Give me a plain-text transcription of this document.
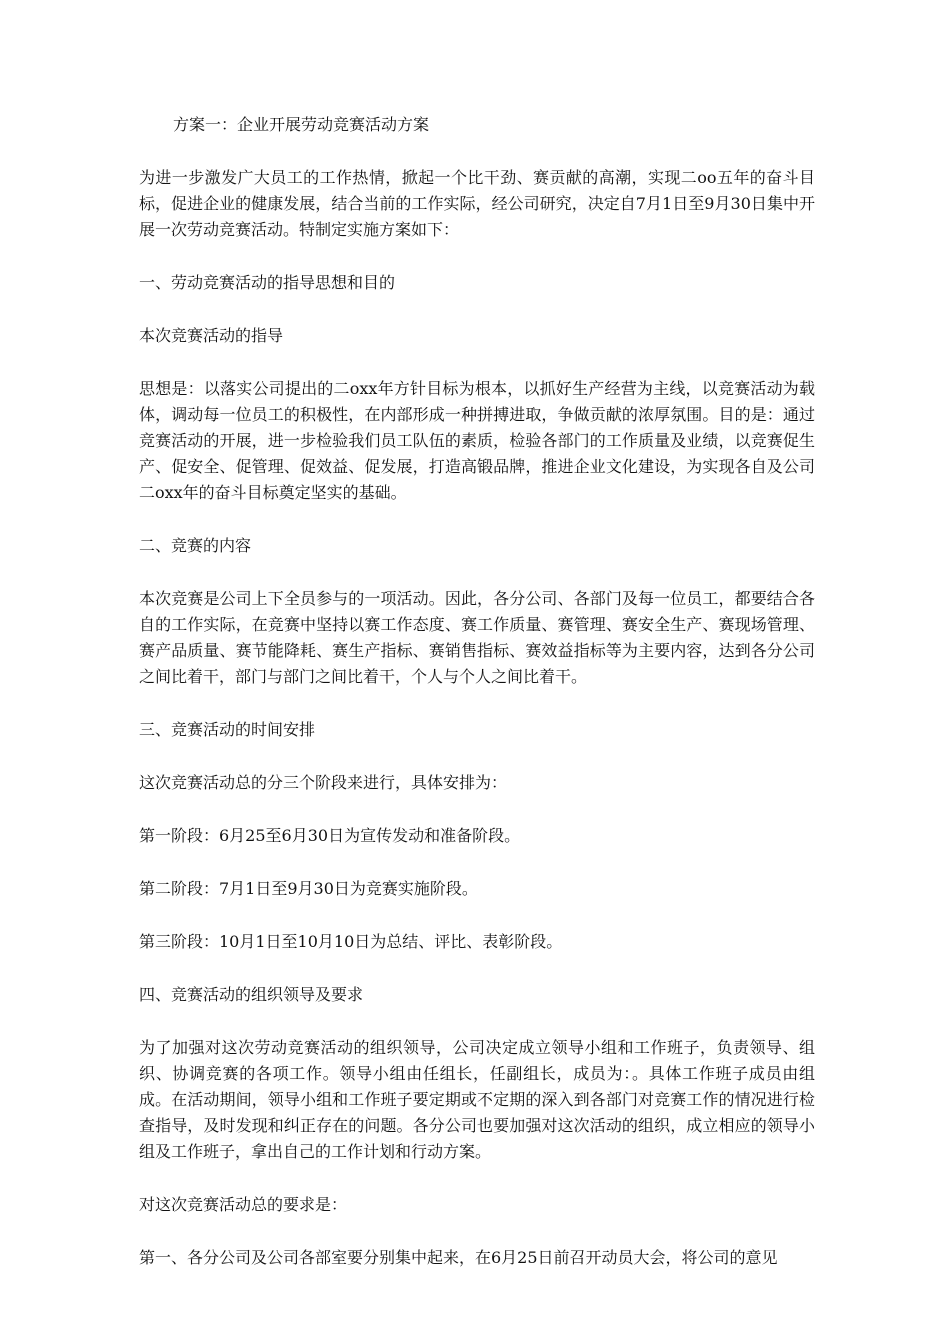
方案一：企业开展劳动竞赛活动方案

为进一步激发广大员工的工作热情，掀起一个比干劲、赛贡献的高潮，实现二oo五年的奋斗目标，促进企业的健康发展，结合当前的工作实际，经公司研究，决定自7月1日至9月30日集中开展一次劳动竞赛活动。特制定实施方案如下：

一、劳动竞赛活动的指导思想和目的

本次竞赛活动的指导

思想是：以落实公司提出的二oxx年方针目标为根本，以抓好生产经营为主线，以竞赛活动为载体，调动每一位员工的积极性，在内部形成一种拼搏进取，争做贡献的浓厚氛围。目的是：通过竞赛活动的开展，进一步检验我们员工队伍的素质，检验各部门的工作质量及业绩，以竞赛促生产、促安全、促管理、促效益、促发展，打造高锻品牌，推进企业文化建设，为实现各自及公司二oxx年的奋斗目标奠定坚实的基础。

二、竞赛的内容

本次竞赛是公司上下全员参与的一项活动。因此，各分公司、各部门及每一位员工，都要结合各自的工作实际，在竞赛中坚持以赛工作态度、赛工作质量、赛管理、赛安全生产、赛现场管理、赛产品质量、赛节能降耗、赛生产指标、赛销售指标、赛效益指标等为主要内容，达到各分公司之间比着干，部门与部门之间比着干，个人与个人之间比着干。

三、竞赛活动的时间安排

这次竞赛活动总的分三个阶段来进行，具体安排为：

第一阶段：6月25至6月30日为宣传发动和准备阶段。

第二阶段：7月1日至9月30日为竞赛实施阶段。

第三阶段：10月1日至10月10日为总结、评比、表彰阶段。

四、竞赛活动的组织领导及要求

为了加强对这次劳动竞赛活动的组织领导，公司决定成立领导小组和工作班子，负责领导、组织、协调竞赛的各项工作。领导小组由任组长，任副组长，成员为：。具体工作班子成员由组成。在活动期间，领导小组和工作班子要定期或不定期的深入到各部门对竞赛工作的情况进行检查指导，及时发现和纠正存在的问题。各分公司也要加强对这次活动的组织，成立相应的领导小组及工作班子，拿出自己的工作计划和行动方案。

对这次竞赛活动总的要求是：

第一、各分公司及公司各部室要分别集中起来，在6月25日前召开动员大会，将公司的意见
